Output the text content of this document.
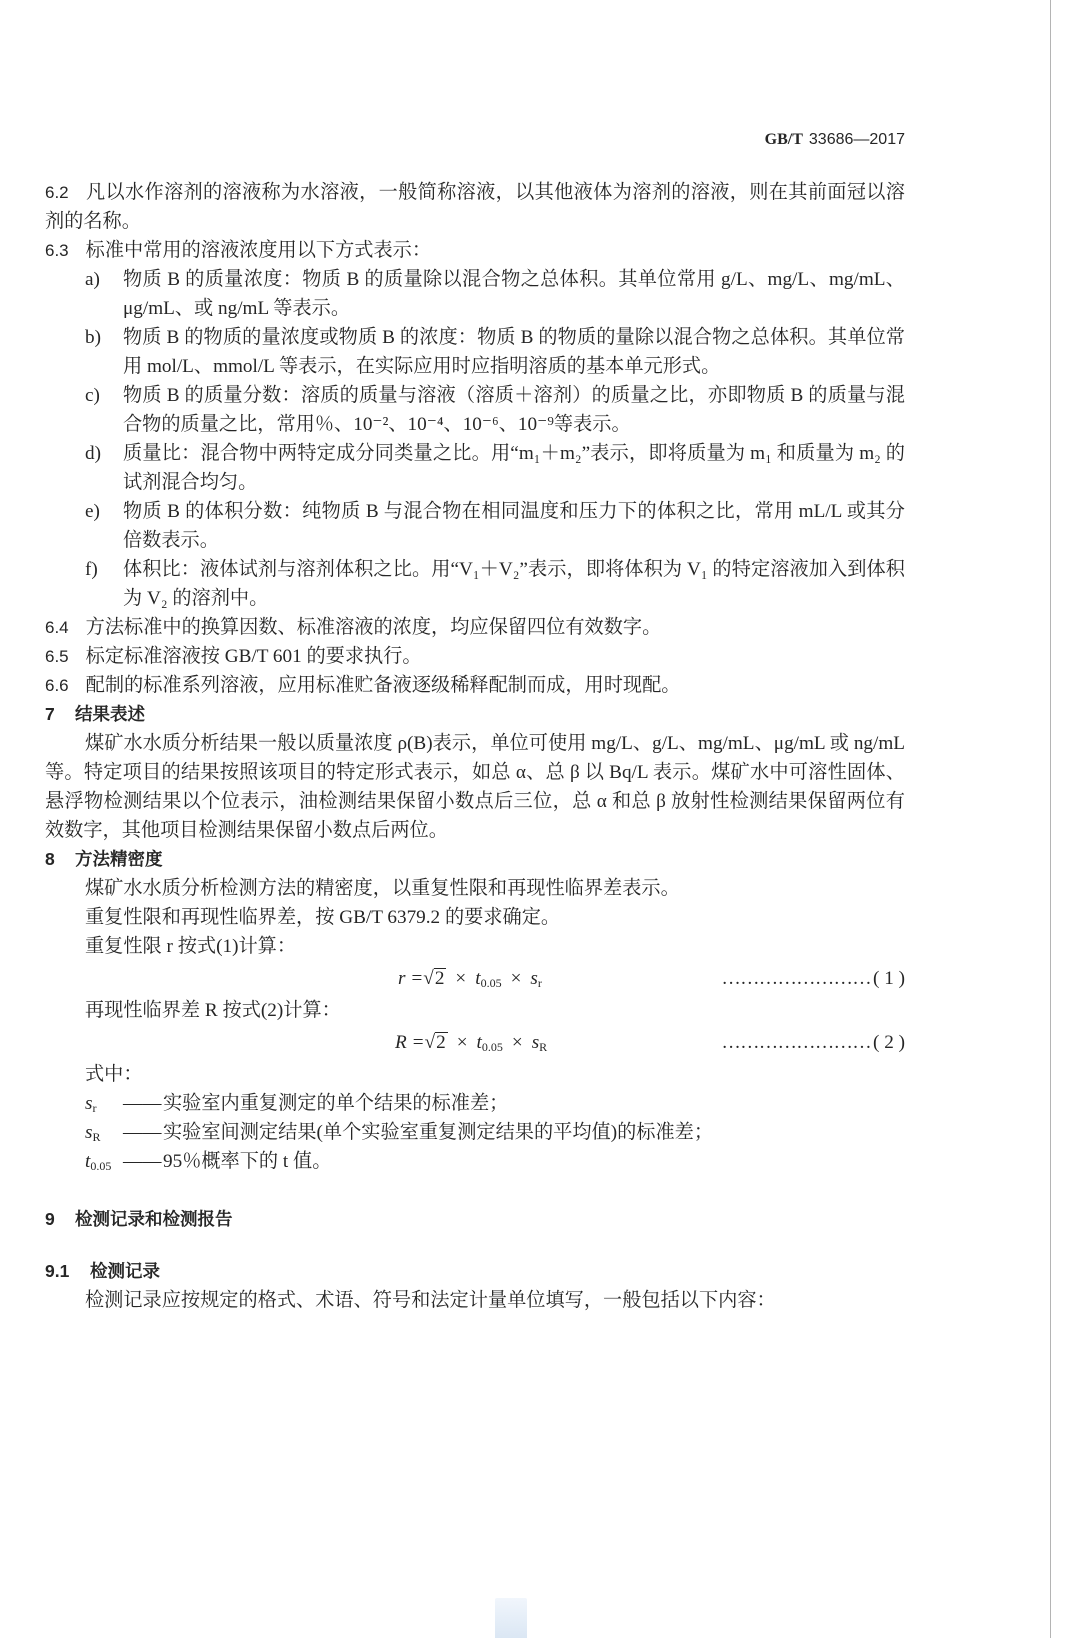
GB/T 33686—2017

6.2 凡以水作溶剂的溶液称为水溶液，一般简称溶液，以其他液体为溶剂的溶液，则在其前面冠以溶剂的名称。

6.3 标准中常用的溶液浓度用以下方式表示：

a)	物质 B 的质量浓度：物质 B 的质量除以混合物之总体积。其单位常用 g/L、mg/L、mg/mL、μg/mL、或 ng/mL 等表示。
b)	物质 B 的物质的量浓度或物质 B 的浓度：物质 B 的物质的量除以混合物之总体积。其单位常用 mol/L、mmol/L 等表示，在实际应用时应指明溶质的基本单元形式。
c)	物质 B 的质量分数：溶质的质量与溶液（溶质＋溶剂）的质量之比，亦即物质 B 的质量与混合物的质量之比，常用％、10⁻²、10⁻⁴、10⁻⁶、10⁻⁹等表示。
d)	质量比：混合物中两特定成分同类量之比。用“m₁＋m₂”表示，即将质量为 m₁ 和质量为 m₂ 的试剂混合均匀。
e)	物质 B 的体积分数：纯物质 B 与混合物在相同温度和压力下的体积之比，常用 mL/L 或其分倍数表示。
f)	体积比：液体试剂与溶剂体积之比。用“V₁＋V₂”表示，即将体积为 V₁ 的特定溶液加入到体积为 V₂ 的溶剂中。

6.4 方法标准中的换算因数、标准溶液的浓度，均应保留四位有效数字。

6.5 标定标准溶液按 GB/T 601 的要求执行。

6.6 配制的标准系列溶液，应用标准贮备液逐级稀释配制而成，用时现配。

7	结果表述

煤矿水水质分析结果一般以质量浓度 ρ(B)表示，单位可使用 mg/L、g/L、mg/mL、μg/mL 或 ng/mL等。特定项目的结果按照该项目的特定形式表示，如总 α、总 β 以 Bq/L 表示。煤矿水中可溶性固体、悬浮物检测结果以个位表示，油检测结果保留小数点后三位，总 α 和总 β 放射性检测结果保留两位有效数字，其他项目检测结果保留小数点后两位。

8	方法精密度

煤矿水水质分析检测方法的精密度，以重复性限和再现性临界差表示。

重复性限和再现性临界差，按 GB/T 6379.2 的要求确定。

重复性限 r 按式(1)计算：

$r =√2 \times t_{0.05} \times s_r$	…………………… ( 1 )

再现性临界差 R 按式(2)计算：

$R =√2 \times t_{0.05} \times s_R$	…………………… ( 2 )

式中：

$s_r$	—— 实验室内重复测定的单个结果的标准差；
$s_R$	—— 实验室间测定结果(单个实验室重复测定结果的平均值)的标准差；
$t_{0.05}$ —— 95％概率下的 t 值。
9	检测记录和检测报告
9.1	检测记录

检测记录应按规定的格式、术语、符号和法定计量单位填写，一般包括以下内容：
